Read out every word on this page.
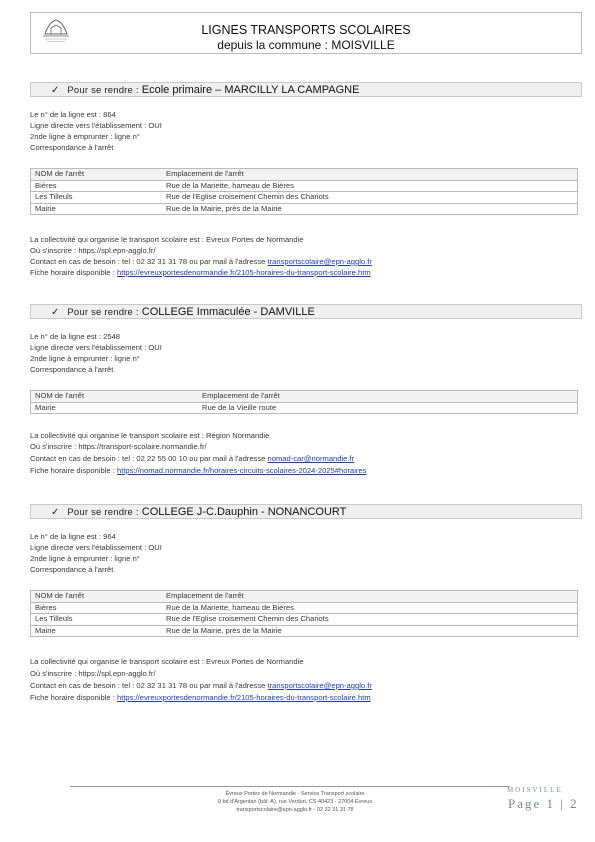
LIGNES TRANSPORTS SCOLAIRES
depuis la commune : MOISVILLE
✓ Pour se rendre : Ecole primaire – MARCILLY LA CAMPAGNE
Le n° de la ligne est : 864
Ligne directe vers l'établissement : OUI
2nde ligne à emprunter : ligne n°
Correspondance à l'arrêt
NOM de l'arrêt	Emplacement de l'arrêt
Bières	Rue de la Mariette, hameau de Bières
Les Tilleuls	Rue de l'Eglise croisement Chemin des Chariots
Mairie	Rue de la Mairie, près de la Mairie
La collectivité qui organise le transport scolaire est : Evreux Portes de Normandie
Où s'inscrire : https://spl.epn-agglo.fr/
Contact en cas de besoin : tel : 02 32 31 31 78 ou par mail à l'adresse transportscolaire@epn-agglo.fr
Fiche horaire disponible : https://evreuxportesdenormandie.fr/2105-horaires-du-transport-scolaire.htm
✓ Pour se rendre : COLLEGE Immaculée - DAMVILLE
Le n° de la ligne est : 2548
Ligne directe vers l'établissement : OUI
2nde ligne à emprunter : ligne n°
Correspondance à l'arrêt
NOM de l'arrêt	Emplacement de l'arrêt
Mairie	Rue de la Vieille route
La collectivité qui organise le transport scolaire est : Région Normandie
Où s'inscrire : https://transport-scolaire.normandie.fr/
Contact en cas de besoin : tel : 02 22 55 00 10 ou par mail à l'adresse nomad-car@normandie.fr
Fiche horaire disponible : https://nomad.normandie.fr/horaires-circuits-scolaires-2024-2025#horaires
✓ Pour se rendre : COLLEGE J-C.Dauphin - NONANCOURT
Le n° de la ligne est : 964
Ligne directe vers l'établissement : OUI
2nde ligne à emprunter : ligne n°
Correspondance à l'arrêt
NOM de l'arrêt	Emplacement de l'arrêt
Bières	Rue de la Mariette, hameau de Bières
Les Tilleuls	Rue de l'Eglise croisement Chemin des Chariots
Mairie	Rue de la Mairie, près de la Mairie
La collectivité qui organise le transport scolaire est : Evreux Portes de Normandie
Où s'inscrire : https://spl.epn-agglo.fr/
Contact en cas de besoin : tel : 02 32 31 31 78 ou par mail à l'adresse transportscolaire@epn-agglo.fr
Fiche horaire disponible : https://evreuxportesdenormandie.fr/2105-horaires-du-transport-scolaire.htm
Évreux Portes de Normandie - Service Transport scolaire
9 bd d'Argentan (bât. A), rue Verdun, CS 40423 - 27004 Évreux
transportscolaire@epn-agglo.fr - 02 32 31 31 78
MOISVILLE
Page 1 | 2
